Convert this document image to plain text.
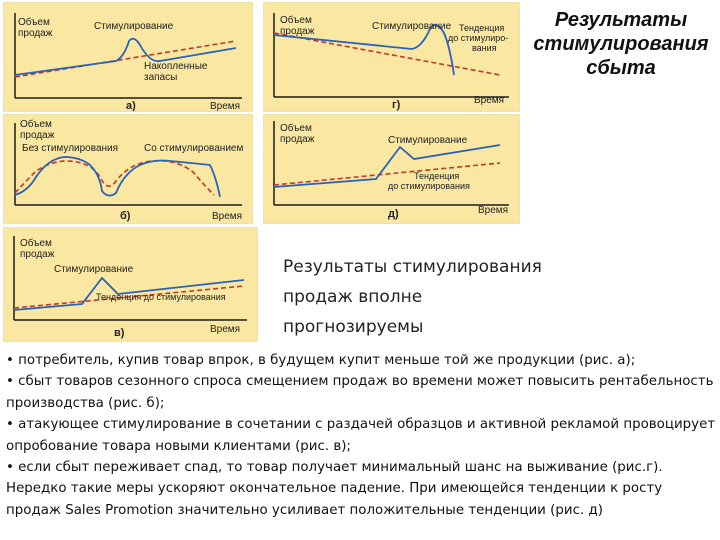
Результаты
стимулирования
сбыта
Объем
продаж
Стимулирование
Накопленные
запасы
а)	Время
Объем
продаж	Стимулирование Тенденция
до стимулиро-
вания
г)	Время
Объем
продаж
Без стимулирования	Со стимулированием
б)	Время
Объем
продаж	Стимулирование
Тенденция
до стимулирования
д)	Время
Объем
продаж
Стимулирование
Тенденция до стимулирования
в)	Время
Результаты стимулирования
продаж вполне прогнозируемы

• потребитель, купив товар впрок, в будущем купит меньше той же продукции (рис. а);

• сбыт товаров сезонного спроса смещением продаж во времени может повысить рентабельность производства (рис. б);

• атакующее стимулирование в сочетании с раздачей образцов и активной рекламой провоцирует опробование товара новыми клиентами (рис. в);

• если сбыт переживает спад, то товар получает минимальный шанс на выживание (рис.г). Нередко такие меры ускоряют окончательное падение. При имеющейся тенденции к росту продаж Sales Promotion значительно усиливает положительные тенденции (рис. д)
